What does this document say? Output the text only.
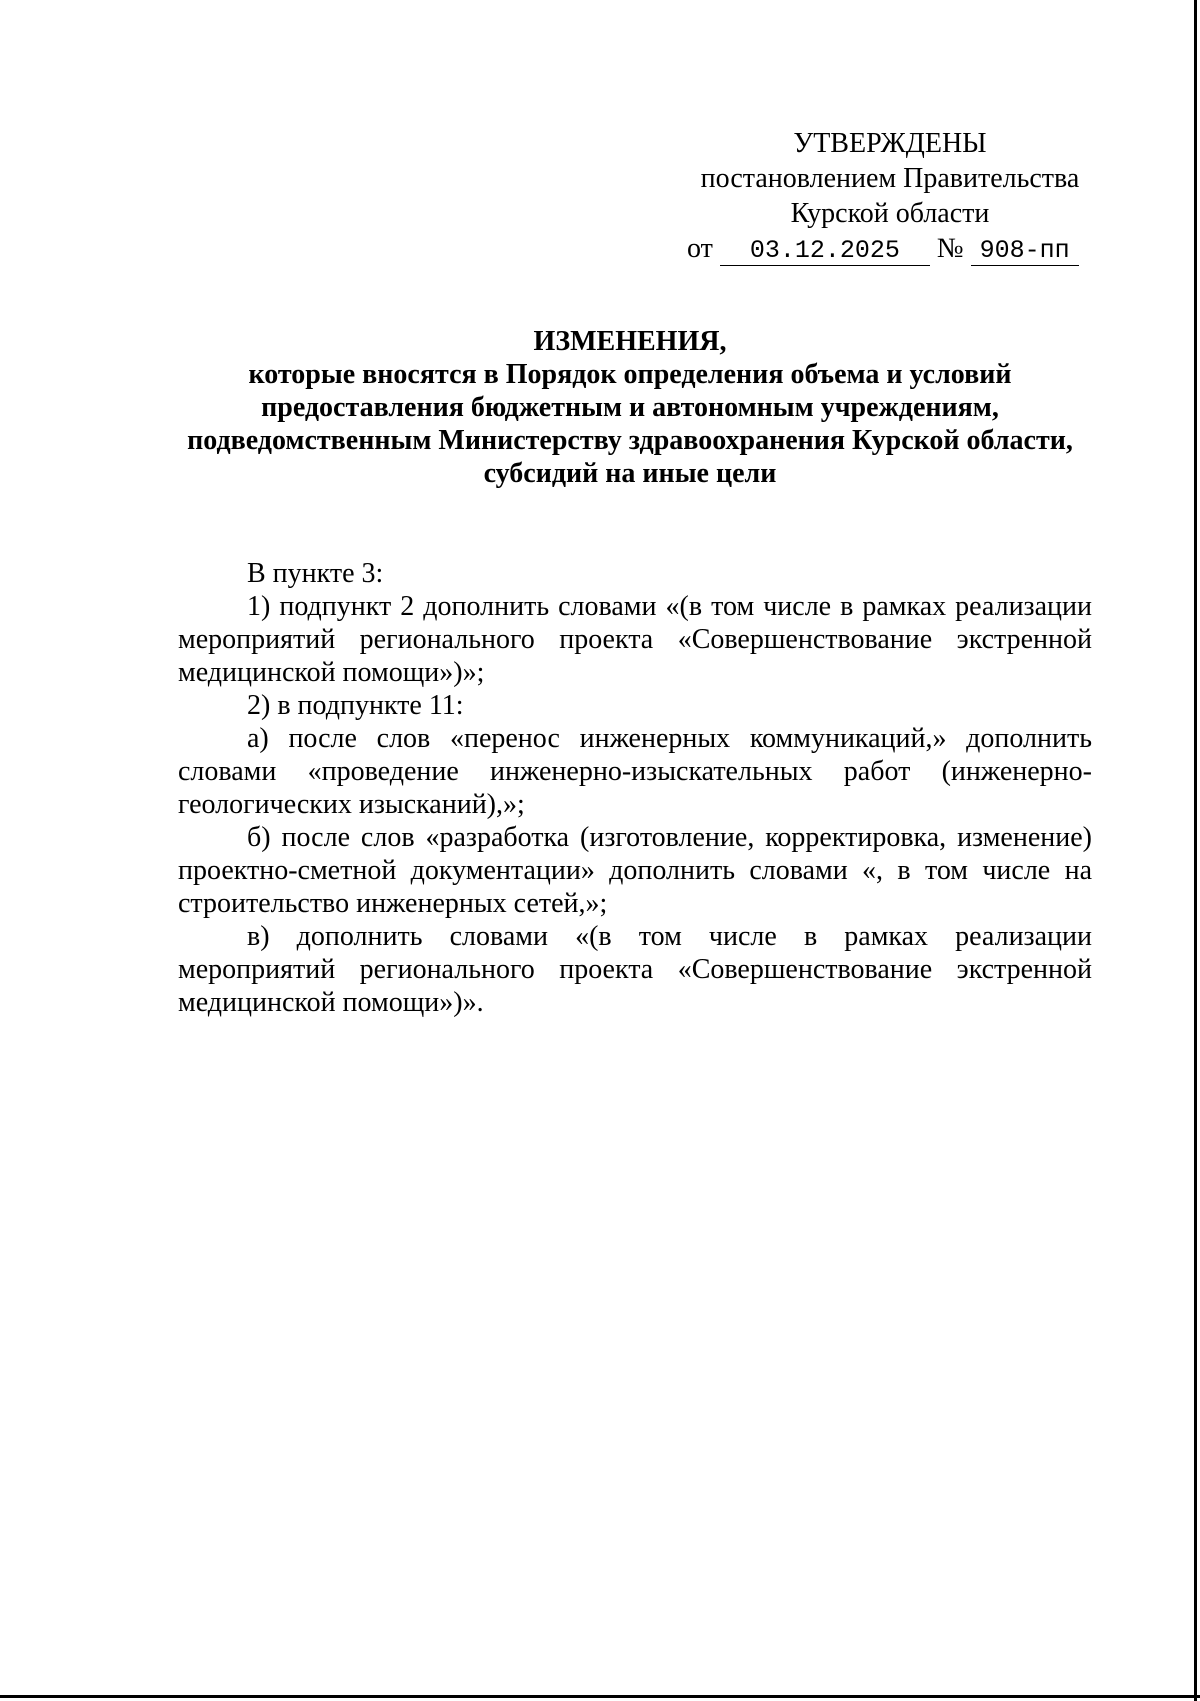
УТВЕРЖДЕНЫ
постановлением Правительства
Курской области
от 03.12.2025 № 908-пп
ИЗМЕНЕНИЯ,
которые вносятся в Порядок определения объема и условий
предоставления бюджетным и автономным учреждениям,
подведомственным Министерству здравоохранения Курской области,
субсидий на иные цели

В пункте 3:

1) подпункт 2 дополнить словами «(в том числе в рамках реализации мероприятий регионального проекта «Совершенствование экстренной медицинской помощи»)»;

2) в подпункте 11:

а) после слов «перенос инженерных коммуникаций,» дополнить словами «проведение инженерно-изыскательных работ (инженерно-геологических изысканий),»;

б) после слов «разработка (изготовление, корректировка, изменение) проектно-сметной документации» дополнить словами «, в том числе на строительство инженерных сетей,»;

в) дополнить словами «(в том числе в рамках реализации мероприятий регионального проекта «Совершенствование экстренной медицинской помощи»)».
